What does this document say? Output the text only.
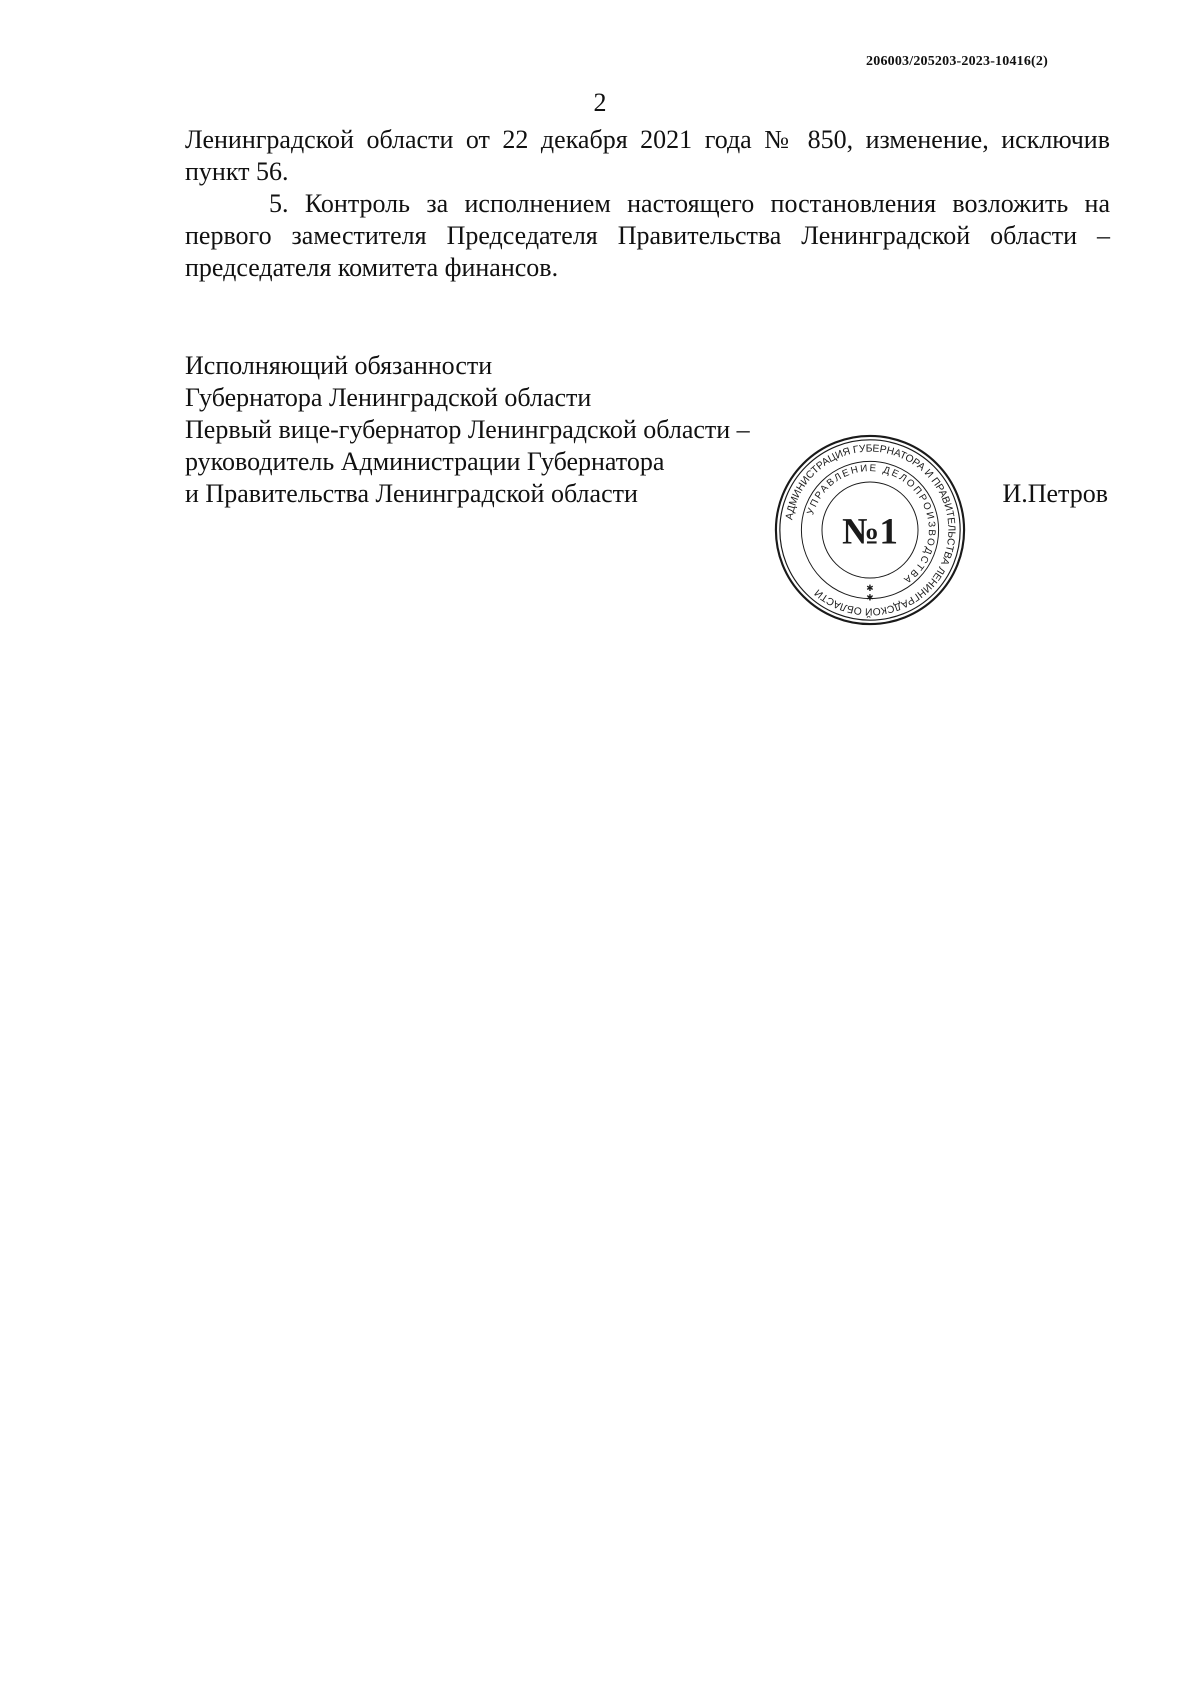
206003/205203-2023-10416(2)
2

Ленинградской области от 22 декабря 2021 года № 850, изменение, исключив пункт 56.

5. Контроль за исполнением настоящего постановления возложить на первого заместителя Председателя Правительства Ленинградской области – председателя комитета финансов.

Исполняющий обязанности
Губернатора Ленинградской области
Первый вице-губернатор Ленинградской области –
руководитель Администрации Губернатора
и Правительства Ленинградской области	И.Петров
АДМИНИСТРАЦИЯ ГУБЕРНАТОРА И ПРАВИТЕЛЬСТВА ЛЕНИНГРАДСКОЙ ОБЛАСТИ
УПРАВЛЕНИЕ ДЕЛОПРОИЗВОДСТВА
№1
✱
✱
